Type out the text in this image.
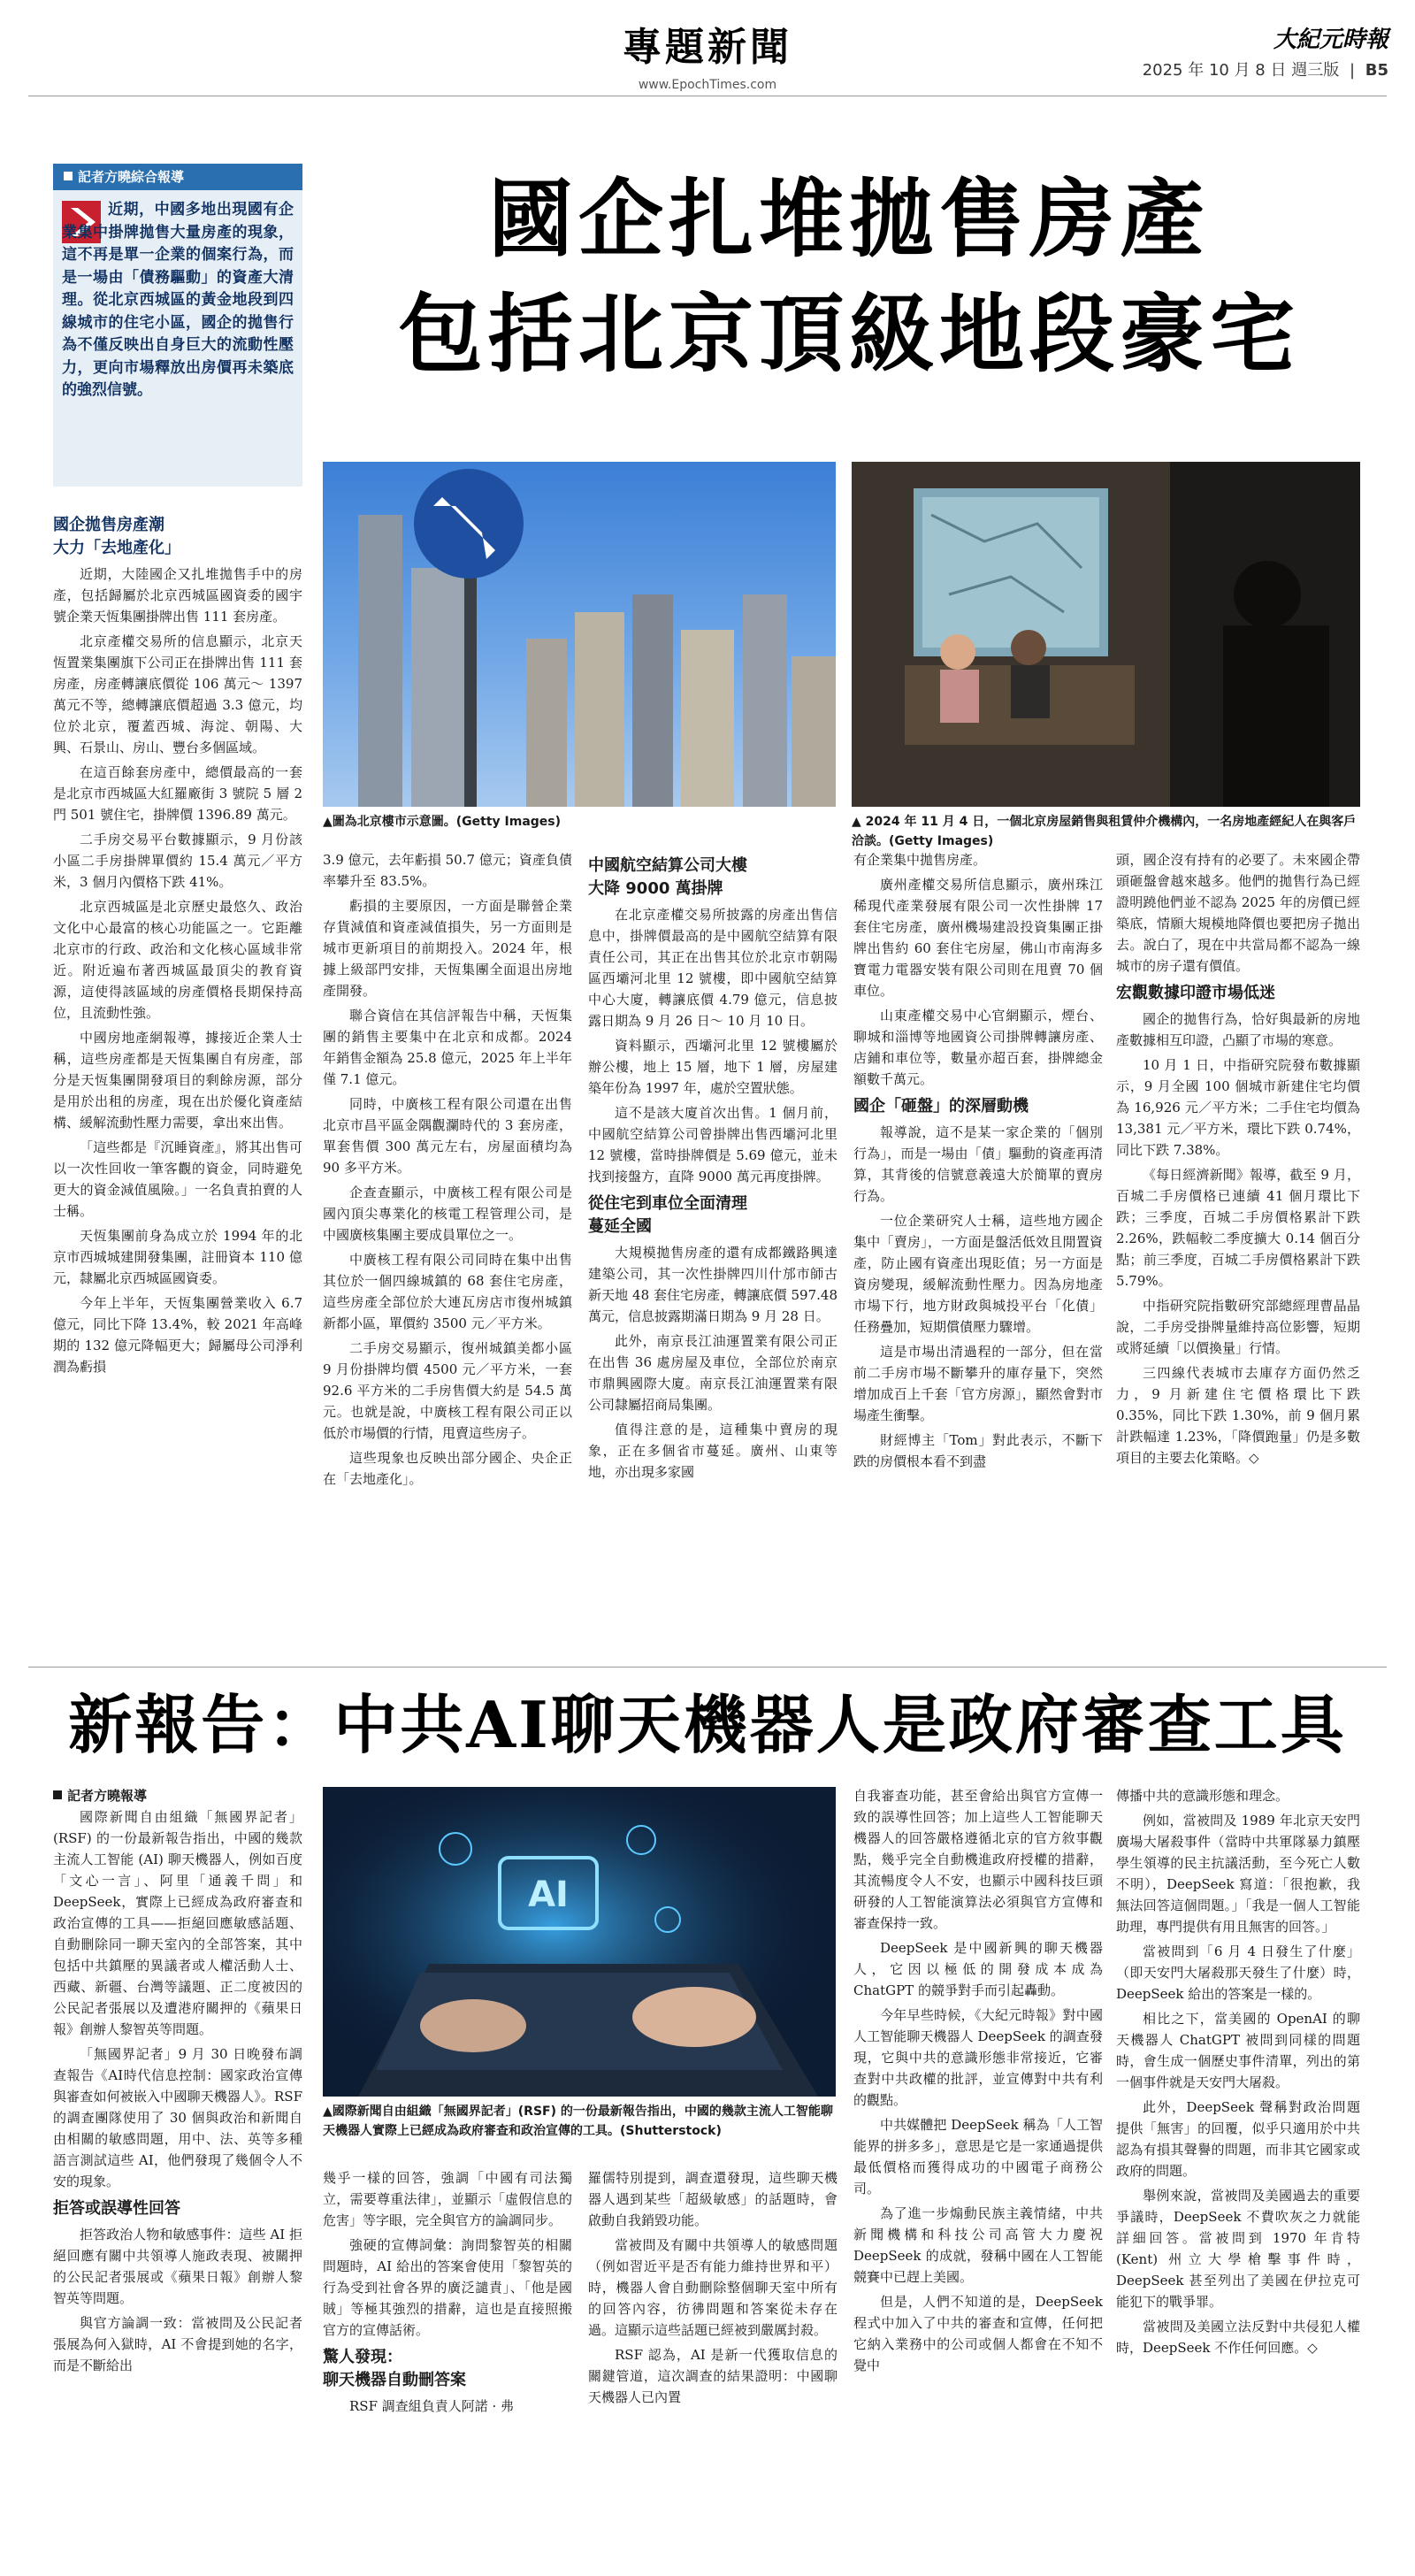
專題新聞
www.EpochTimes.com
大紀元時報
2025 年 10 月 8 日 週三版 | B5
記者方曉綜合報導
近期，中國多地出現國有企業集中掛牌拋售大量房產的現象，這不再是單一企業的個案行為，而是一場由「債務驅動」的資產大清理。從北京西城區的黃金地段到四線城市的住宅小區，國企的拋售行為不僅反映出自身巨大的流動性壓力，更向市場釋放出房價再未築底的強烈信號。
國企扎堆拋售房產
包括北京頂級地段豪宅
▲圖為北京樓市示意圖。(Getty Images)	▲ 2024 年 11 月 4 日，一個北京房屋銷售與租賃仲介機構內，一名房地產經紀人在與客戶洽談。(Getty Images)
國企拋售房產潮
大力「去地產化」

近期，大陸國企又扎堆拋售手中的房產，包括歸屬於北京西城區國資委的國宇號企業天恆集團掛牌出售 111 套房產。

北京產權交易所的信息顯示，北京天恆置業集團旗下公司正在掛牌出售 111 套房產，房產轉讓底價從 106 萬元～ 1397 萬元不等，總轉讓底價超過 3.3 億元，均位於北京，覆蓋西城、海淀、朝陽、大興、石景山、房山、豐台多個區域。

在這百餘套房產中，總價最高的一套是北京市西城區大紅羅廠街 3 號院 5 層 2 門 501 號住宅，掛牌價 1396.89 萬元。

二手房交易平台數據顯示，9 月份該小區二手房掛牌單價約 15.4 萬元／平方米，3 個月內價格下跌 41%。

北京西城區是北京歷史最悠久、政治文化中心最富的核心功能區之一。它距離北京市的行政、政治和文化核心區域非常近。附近遍布著西城區最頂尖的教育資源，這使得該區域的房產價格長期保持高位，且流動性強。

中國房地產網報導，據接近企業人士稱，這些房產都是天恆集團自有房產，部分是天恆集團開發項目的剩餘房源，部分是用於出租的房產，現在出於優化資產結構、緩解流動性壓力需要，拿出來出售。

「這些都是『沉睡資產』，將其出售可以一次性回收一筆客觀的資金，同時避免更大的資金減值風險。」一名負責拍賣的人士稱。

天恆集團前身為成立於 1994 年的北京市西城城建開發集團，註冊資本 110 億元，隸屬北京西城區國資委。

今年上半年，天恆集團營業收入 6.7 億元，同比下降 13.4%，較 2021 年高峰期的 132 億元降幅更大；歸屬母公司淨利潤為虧損

3.9 億元，去年虧損 50.7 億元；資產負債率攀升至 83.5%。

虧損的主要原因，一方面是聯營企業存貨減值和資產減值損失，另一方面則是城市更新項目的前期投入。2024 年，根據上級部門安排，天恆集團全面退出房地產開發。

聯合資信在其信評報告中稱，天恆集團的銷售主要集中在北京和成都。2024 年銷售金額為 25.8 億元，2025 年上半年僅 7.1 億元。

同時，中廣核工程有限公司還在出售北京市昌平區金隅觀瀾時代的 3 套房產，單套售價 300 萬元左右，房屋面積均為 90 多平方米。

企查查顯示，中廣核工程有限公司是國內頂尖專業化的核電工程管理公司，是中國廣核集團主要成員單位之一。

中廣核工程有限公司同時在集中出售其位於一個四線城鎮的 68 套住宅房產，這些房產全部位於大連瓦房店市復州城鎮新都小區，單價約 3500 元／平方米。

二手房交易顯示，復州城鎮美都小區 9 月份掛牌均價 4500 元／平方米，一套 92.6 平方米的二手房售價大約是 54.5 萬元。也就是說，中廣核工程有限公司正以低於市場價的行情，甩賣這些房子。

這些現象也反映出部分國企、央企正在「去地產化」。

中國航空結算公司大樓
大降 9000 萬掛牌

在北京產權交易所披露的房產出售信息中，掛牌價最高的是中國航空結算有限責任公司，其正在出售其位於北京市朝陽區西壩河北里 12 號樓，即中國航空結算中心大廈，轉讓底價 4.79 億元，信息披露日期為 9 月 26 日～ 10 月 10 日。

資料顯示，西壩河北里 12 號樓屬於辦公樓，地上 15 層，地下 1 層，房屋建築年份為 1997 年，處於空置狀態。

這不是該大廈首次出售。1 個月前，中國航空結算公司曾掛牌出售西壩河北里 12 號樓，當時掛牌價是 5.69 億元，並未找到接盤方，直降 9000 萬元再度掛牌。

從住宅到車位全面清理
蔓延全國

大規模拋售房產的還有成都鐵路興達建築公司，其一次性掛牌四川什邡市師古新天地 48 套住宅房產，轉讓底價 597.48 萬元，信息披露期滿日期為 9 月 28 日。

此外，南京長江油運置業有限公司正在出售 36 處房屋及車位，全部位於南京市鼎興國際大廈。南京長江油運置業有限公司隸屬招商局集團。

值得注意的是，這種集中賣房的現象，正在多個省市蔓延。廣州、山東等地，亦出現多家國

有企業集中拋售房產。

廣州產權交易所信息顯示，廣州珠江稀現代產業發展有限公司一次性掛牌 17 套住宅房產，廣州機場建設投資集團正掛牌出售約 60 套住宅房屋，佛山市南海多寶電力電器安裝有限公司則在甩賣 70 個車位。

山東產權交易中心官網顯示，煙台、聊城和淄博等地國資公司掛牌轉讓房產、店鋪和車位等，數量亦超百套，掛牌總金額數千萬元。

國企「砸盤」的深層動機

報導說，這不是某一家企業的「個別行為」，而是一場由「債」驅動的資產再清算，其背後的信號意義遠大於簡單的賣房行為。

一位企業研究人士稱，這些地方國企集中「賣房」，一方面是盤活低效且閒置資產，防止國有資產出現貶值；另一方面是資房變現，緩解流動性壓力。因為房地產市場下行，地方財政與城投平台「化債」任務疊加，短期償債壓力驟增。

這是市場出清過程的一部分，但在當前二手房市場不斷攀升的庫存量下，突然增加成百上千套「官方房源」，顯然會對市場產生衝擊。

財經博主「Tom」對此表示，不斷下跌的房價根本看不到盡

頭，國企沒有持有的必要了。未來國企帶頭砸盤會越來越多。他們的拋售行為已經證明蹺他們並不認為 2025 年的房價已經築底，情願大規模地降價也要把房子拋出去。說白了，現在中共當局都不認為一線城市的房子還有價值。

宏觀數據印證市場低迷

國企的拋售行為，恰好與最新的房地產數據相互印證，凸顯了市場的寒意。

10 月 1 日，中指研究院發布數據顯示，9 月全國 100 個城市新建住宅均價為 16,926 元／平方米；二手住宅均價為 13,381 元／平方米，環比下跌 0.74%，同比下跌 7.38%。

《每日經濟新聞》報導，截至 9 月，百城二手房價格已連續 41 個月環比下跌；三季度，百城二手房價格累計下跌 2.26%，跌幅較二季度擴大 0.14 個百分點；前三季度，百城二手房價格累計下跌 5.79%。

中指研究院指數研究部總經理曹晶晶說，二手房受掛牌量維持高位影響，短期或將延續「以價換量」行情。

三四線代表城市去庫存方面仍然乏力，9 月新建住宅價格環比下跌 0.35%，同比下跌 1.30%，前 9 個月累計跌幅達 1.23%，「降價跑量」仍是多數項目的主要去化策略。◇

新報告：中共AI聊天機器人是政府審查工具
AI
▲國際新聞自由組織「無國界記者」(RSF) 的一份最新報告指出，中國的幾款主流人工智能聊天機器人實際上已經成為政府審查和政治宣傳的工具。(Shutterstock)
記者方曉報導

國際新聞自由組織「無國界記者」(RSF) 的一份最新報告指出，中國的幾款主流人工智能 (AI) 聊天機器人，例如百度「文心一言」、阿里「通義千問」和 DeepSeek，實際上已經成為政府審查和政治宣傳的工具——拒絕回應敏感話題、自動刪除同一聊天室內的全部答案，其中包括中共鎮壓的異議者或人權活動人士、西藏、新疆、台灣等議題、正二度被因的公民記者張展以及遭港府關押的《蘋果日報》創辦人黎智英等問題。

「無國界記者」9 月 30 日晚發布調查報告《AI時代信息控制：國家政治宣傳與審查如何被嵌入中國聊天機器人》。RSF 的調查團隊使用了 30 個與政治和新聞自由相關的敏感問題，用中、法、英等多種語言測試這些 AI，他們發現了幾個令人不安的現象。

拒答或誤導性回答

拒答政治人物和敏感事件：這些 AI 拒絕回應有關中共領導人施政表現、被關押的公民記者張展或《蘋果日報》創辦人黎智英等問題。

與官方論調一致：當被問及公民記者張展為何入獄時，AI 不會提到她的名字，而是不斷給出

幾乎一樣的回答，強調「中國有司法獨立，需要尊重法律」，並顯示「虛假信息的危害」等字眼，完全與官方的論調同步。

強硬的宣傳詞彙：詢問黎智英的相關問題時，AI 給出的答案會使用「黎智英的行為受到社會各界的廣泛譴責」、「他是國賊」等極其強烈的措辭，這也是直接照搬官方的宣傳話術。

驚人發現：
聊天機器自動刪答案

RSF 調查組負責人阿諾 · 弗

羅儒特別提到，調查還發現，這些聊天機器人遇到某些「超級敏感」的話題時，會啟動自我銷毀功能。

當被問及有關中共領導人的敏感問題（例如習近平是否有能力維持世界和平）時，機器人會自動刪除整個聊天室中所有的回答內容，彷彿問題和答案從未存在過。這顯示這些話題已經被到嚴厲封殺。

RSF 認為，AI 是新一代獲取信息的關鍵管道，這次調查的結果證明：中國聊天機器人已內置

自我審查功能，甚至會給出與官方宣傳一致的誤導性回答；加上這些人工智能聊天機器人的回答嚴格遵循北京的官方敘事觀點，幾乎完全自動機進政府授權的措辭，其流暢度令人不安，也顯示中國科技巨頭研發的人工智能演算法必須與官方宣傳和審查保持一致。

DeepSeek 是中國新興的聊天機器人，它因以極低的開發成本成為 ChatGPT 的競爭對手而引起轟動。

今年早些時候，《大紀元時報》對中國人工智能聊天機器人 DeepSeek 的調查發現，它與中共的意識形態非常接近，它審查對中共政權的批評，並宣傳對中共有利的觀點。

中共媒體把 DeepSeek 稱為「人工智能界的拼多多」，意思是它是一家通過提供最低價格而獲得成功的中國電子商務公司。

為了進一步煽動民族主義情緒，中共新聞機構和科技公司高管大力慶祝 DeepSeek 的成就，發稱中國在人工智能競賽中已趕上美國。

但是，人們不知道的是，DeepSeek 程式中加入了中共的審查和宣傳，任何把它納入業務中的公司或個人都會在不知不覺中

傳播中共的意識形態和理念。

例如，當被問及 1989 年北京天安門廣場大屠殺事件（當時中共軍隊暴力鎮壓學生領導的民主抗議活動，至今死亡人數不明），DeepSeek 寫道：「很抱歉，我無法回答這個問題。」「我是一個人工智能助理，專門提供有用且無害的回答。」

當被問到「6 月 4 日發生了什麼」（即天安門大屠殺那天發生了什麼）時，DeepSeek 給出的答案是一樣的。

相比之下，當美國的 OpenAI 的聊天機器人 ChatGPT 被問到同樣的問題時，會生成一個歷史事件清單，列出的第一個事件就是天安門大屠殺。

此外，DeepSeek 聲稱對政治問題提供「無害」的回覆，似乎只適用於中共認為有損其聲譽的問題，而非其它國家或政府的問題。

舉例來說，當被問及美國過去的重要爭議時，DeepSeek 不費吹灰之力就能詳細回答。當被問到 1970 年肯特 (Kent) 州立大學槍擊事件時，DeepSeek 甚至列出了美國在伊拉克可能犯下的戰爭罪。

當被問及美國立法反對中共侵犯人權時，DeepSeek 不作任何回應。◇
